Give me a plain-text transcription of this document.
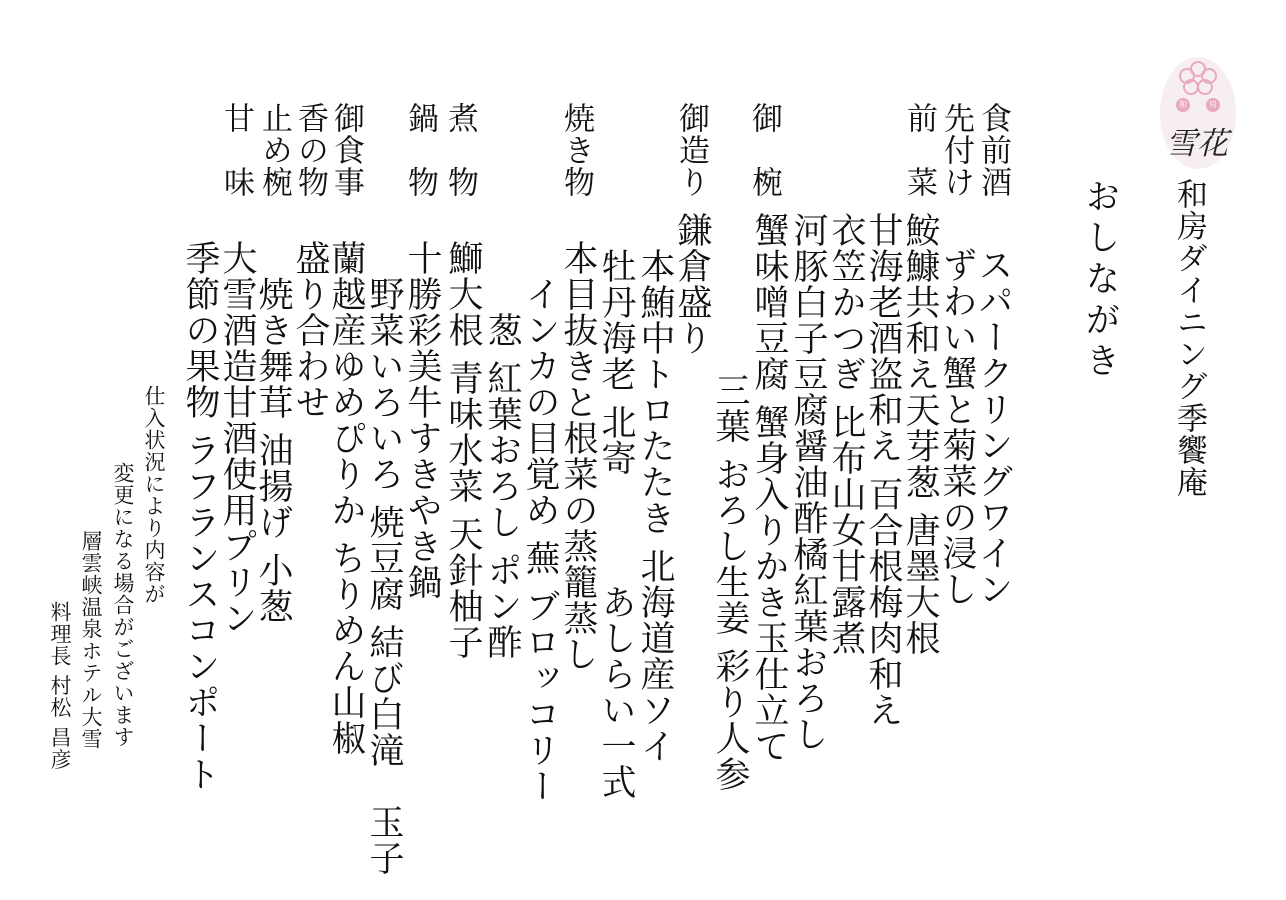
和	房
雪花
和房ダイニング季饗庵
おしながき
食前酒
スパークリングワイン
先付け
ずわい蟹と菊菜の浸し
前　菜
鮟鱇共和え天芽葱 唐墨大根
甘海老酒盗和え 百合根梅肉和え
衣笠かつぎ 比布山女甘露煮
御　椀
河豚白子豆腐醤油酢橘紅葉おろし
蟹味噌豆腐 蟹身入りかき玉仕立て
　三葉 おろし生姜 彩り人参
御造り
鎌倉盛り
　本鮪中トロたたき 北海道産ソイ
　牡丹海老 北寄　　　あしらい一式
焼き物
本目抜きと根菜の蒸籠蒸し
　インカの目覚め 蕪 ブロッコリー
　　葱 紅葉おろし ポン酢
煮　物
鰤大根 青味水菜 天針柚子
鍋　物
十勝彩美牛すきやき鍋
　野菜いろいろ 焼豆腐 結び白滝　玉子
御食事
蘭越産ゆめぴりか ちりめん山椒
香の物
盛り合わせ
止め椀
　焼き舞茸 油揚げ 小葱
甘　味
大雪酒造甘酒使用プリン
季節の果物 ラフランスコンポート
仕入状況により内容が
変更になる場合がございます
層雲峡温泉ホテル大雪
料理長 村松 昌彦
